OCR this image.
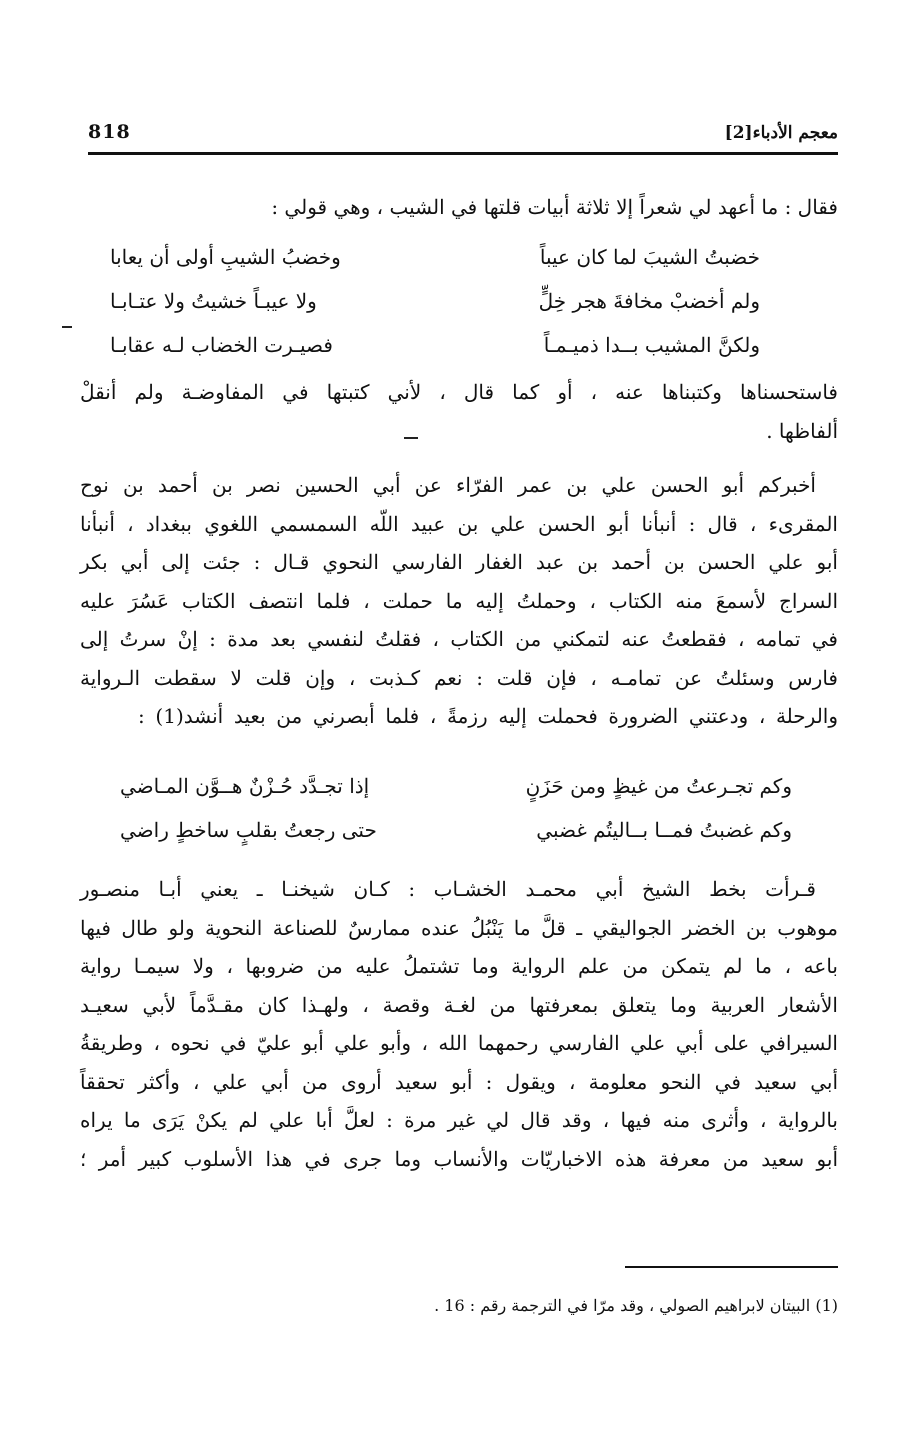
معجم الأدباء[2]
818
فقال : ما أعهد لي شعراً إلا ثلاثة أبيات قلتها في الشيب ، وهي قولي :
خضبتُ الشيبَ لما كان عيباً
وخضبُ الشيبِ أولى أن يعابا
ولم أخضبْ مخافةَ هجر خِلٍّ
ولا عيبـاً خشيتُ ولا عتـابـا
ولكنَّ المشيب بــدا ذميـمـاً
فصيـرت الخضاب لـه عقابـا
فاستحسناها وكتبناها عنه ، أو كما قال ، لأني كتبتها في المفاوضـة ولم أنقلْ
ألفاظها .
أخبركم أبو الحسن علي بن عمر الفرّاء عن أبي الحسين نصر بن أحمد بن نوح
المقرىء ، قال : أنبأنا أبو الحسن علي بن عبيد اللّه السمسمي اللغوي ببغداد ، أنبأنا
أبو علي الحسن بن أحمد بن عبد الغفار الفارسي النحوي قـال : جئت إلى أبي بكر
السراج لأسمعَ منه الكتاب ، وحملتُ إليه ما حملت ، فلما انتصف الكتاب عَسُرَ عليه
في تمامه ، فقطعتُ عنه لتمكني من الكتاب ، فقلتُ لنفسي بعد مدة : إنْ سرتُ إلى
فارس وسئلتُ عن تمامـه ، فإن قلت : نعم كـذبت ، وإن قلت لا سقطت الـرواية
والرحلة ، ودعتني الضرورة فحملت إليه رزمةً ، فلما أبصرني من بعيد أنشد(1) :
وكم تجـرعتُ من غيظٍ ومن حَزَنٍ
إذا تجـدَّد حُـزْنٌ هــوَّن المـاضي
وكم غضبتُ فمــا بــاليتُم غضبي
حتى رجعتُ بقلبٍ ساخطٍ راضي
قـرأت بخط الشيخ أبي محمـد الخشـاب : كـان شيخنـا ـ يعني أبـا منصـور
موهوب بن الخضر الجواليقي ـ قلَّ ما يَنْبُلُ عنده ممارسٌ للصناعة النحوية ولو طال فيها
باعه ، ما لم يتمكن من علم الرواية وما تشتملُ عليه من ضروبها ، ولا سيمـا رواية
الأشعار العربية وما يتعلق بمعرفتها من لغـة وقصة ، ولهـذا كان مقـدَّماً لأبي سعيـد
السيرافي على أبي علي الفارسي رحمهما الله ، وأبو علي أبو عليّ في نحوه ، وطريقةُ
أبي سعيد في النحو معلومة ، ويقول : أبو سعيد أروى من أبي علي ، وأكثر تحققاً
بالرواية ، وأثرى منه فيها ، وقد قال لي غير مرة : لعلَّ أبا علي لم يكنْ يَرَى ما يراه
أبو سعيد من معرفة هذه الاخباريّات والأنساب وما جرى في هذا الأسلوب كبير أمر ؛
(1) البيتان لابراهيم الصولي ، وقد مرّا في الترجمة رقم : 16 .
